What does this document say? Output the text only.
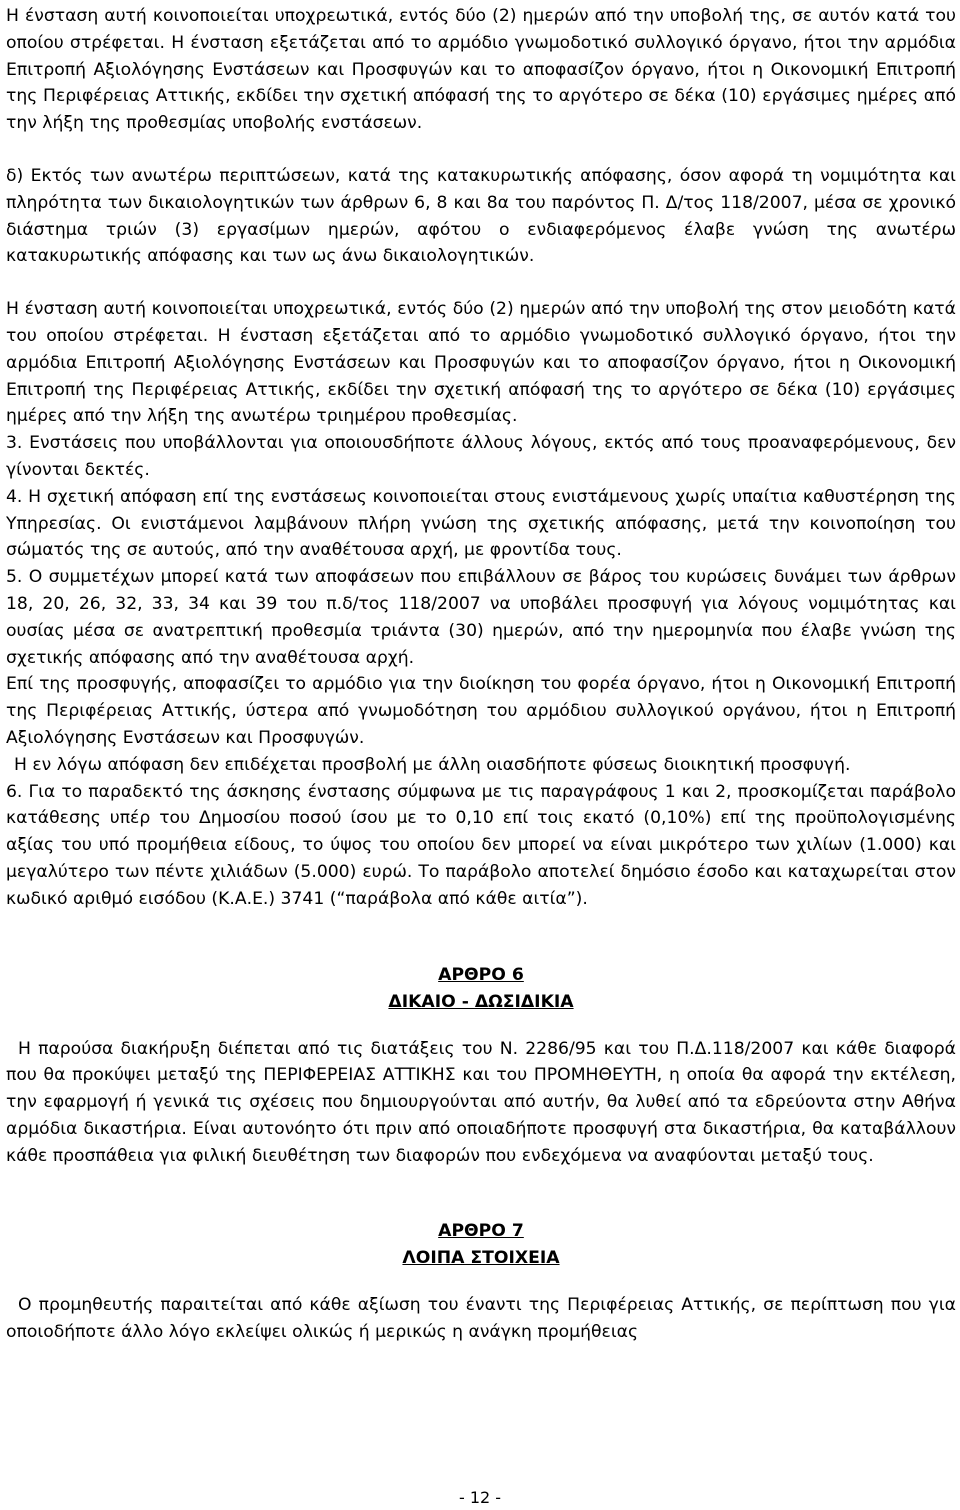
Η ένσταση αυτή κοινοποιείται υποχρεωτικά, εντός δύο (2) ημερών από την υποβολή της, σε αυτόν κατά του οποίου στρέφεται. Η ένσταση εξετάζεται από το αρμόδιο γνωμοδοτικό συλλογικό όργανο, ήτοι την αρμόδια Επιτροπή Αξιολόγησης Ενστάσεων και Προσφυγών και το αποφασίζον όργανο, ήτοι η Οικονομική Επιτροπή της Περιφέρειας Αττικής, εκδίδει την σχετική απόφασή της το αργότερο σε δέκα (10) εργάσιμες ημέρες από την λήξη της προθεσμίας υποβολής ενστάσεων.

δ) Εκτός των ανωτέρω περιπτώσεων, κατά της κατακυρωτικής απόφασης, όσον αφορά τη νομιμότητα και πληρότητα των δικαιολογητικών των άρθρων 6, 8 και 8α του παρόντος Π. Δ/τος 118/2007, μέσα σε χρονικό διάστημα τριών (3) εργασίμων ημερών, αφότου ο ενδιαφερόμενος έλαβε γνώση της ανωτέρω κατακυρωτικής απόφασης και των ως άνω δικαιολογητικών.

Η ένσταση αυτή κοινοποιείται υποχρεωτικά, εντός δύο (2) ημερών από την υποβολή της στον μειοδότη κατά του οποίου στρέφεται. Η ένσταση εξετάζεται από το αρμόδιο γνωμοδοτικό συλλογικό όργανο, ήτοι την αρμόδια Επιτροπή Αξιολόγησης Ενστάσεων και Προσφυγών και το αποφασίζον όργανο, ήτοι η Οικονομική Επιτροπή της Περιφέρειας Αττικής, εκδίδει την σχετική απόφασή της το αργότερο σε δέκα (10) εργάσιμες ημέρες από την λήξη της ανωτέρω τριημέρου προθεσμίας.

3. Ενστάσεις που υποβάλλονται για οποιουσδήποτε άλλους λόγους, εκτός από τους προαναφερόμενους, δεν γίνονται δεκτές.

4. Η σχετική απόφαση επί της ενστάσεως κοινοποιείται στους ενιστάμενους χωρίς υπαίτια καθυστέρηση της Υπηρεσίας. Οι ενιστάμενοι λαμβάνουν πλήρη γνώση της σχετικής απόφασης, μετά την κοινοποίηση του σώματός της σε αυτούς, από την αναθέτουσα αρχή, με φροντίδα τους.

5. Ο συμμετέχων μπορεί κατά των αποφάσεων που επιβάλλουν σε βάρος του κυρώσεις δυνάμει των άρθρων 18, 20, 26, 32, 33, 34 και 39 του π.δ/τος 118/2007 να υποβάλει προσφυγή για λόγους νομιμότητας και ουσίας μέσα σε ανατρεπτική προθεσμία τριάντα (30) ημερών, από την ημερομηνία που έλαβε γνώση της σχετικής απόφασης από την αναθέτουσα αρχή.

Επί της προσφυγής, αποφασίζει το αρμόδιο για την διοίκηση του φορέα όργανο, ήτοι η Οικονομική Επιτροπή της Περιφέρειας Αττικής, ύστερα από γνωμοδότηση του αρμόδιου συλλογικού οργάνου, ήτοι η Επιτροπή Αξιολόγησης Ενστάσεων και Προσφυγών.

Η εν λόγω απόφαση δεν επιδέχεται προσβολή με άλλη οιασδήποτε φύσεως διοικητική προσφυγή.

6. Για το παραδεκτό της άσκησης ένστασης σύμφωνα με τις παραγράφους 1 και 2, προσκομίζεται παράβολο κατάθεσης υπέρ του Δημοσίου ποσού ίσου με το 0,10 επί τοις εκατό (0,10%) επί της προϋπολογισμένης αξίας του υπό προμήθεια είδους, το ύψος του οποίου δεν μπορεί να είναι μικρότερο των χιλίων (1.000) και μεγαλύτερο των πέντε χιλιάδων (5.000) ευρώ. Το παράβολο αποτελεί δημόσιο έσοδο και καταχωρείται στον κωδικό αριθμό εισόδου (Κ.Α.Ε.) 3741 (“παράβολα από κάθε αιτία”).

ΑΡΘΡΟ 6
ΔΙΚΑΙΟ - ΔΩΣΙΔΙΚΙΑ

Η παρούσα διακήρυξη διέπεται από τις διατάξεις του Ν. 2286/95 και του Π.Δ.118/2007 και κάθε διαφορά που θα προκύψει μεταξύ της ΠΕΡΙΦΕΡΕΙΑΣ ΑΤΤΙΚΗΣ και του ΠΡΟΜΗΘΕΥΤΗ, η οποία θα αφορά την εκτέλεση, την εφαρμογή ή γενικά τις σχέσεις που δημιουργούνται από αυτήν, θα λυθεί από τα εδρεύοντα στην Αθήνα αρμόδια δικαστήρια. Είναι αυτονόητο ότι πριν από οποιαδήποτε προσφυγή στα δικαστήρια, θα καταβάλλουν κάθε προσπάθεια για φιλική διευθέτηση των διαφορών που ενδεχόμενα να αναφύονται μεταξύ τους.

ΑΡΘΡΟ 7
ΛΟΙΠΑ ΣΤΟΙΧΕΙΑ

Ο προμηθευτής παραιτείται από κάθε αξίωση του έναντι της Περιφέρειας Αττικής, σε περίπτωση που για οποιοδήποτε άλλο λόγο εκλείψει ολικώς ή μερικώς η ανάγκη προμήθειας

- 12 -
